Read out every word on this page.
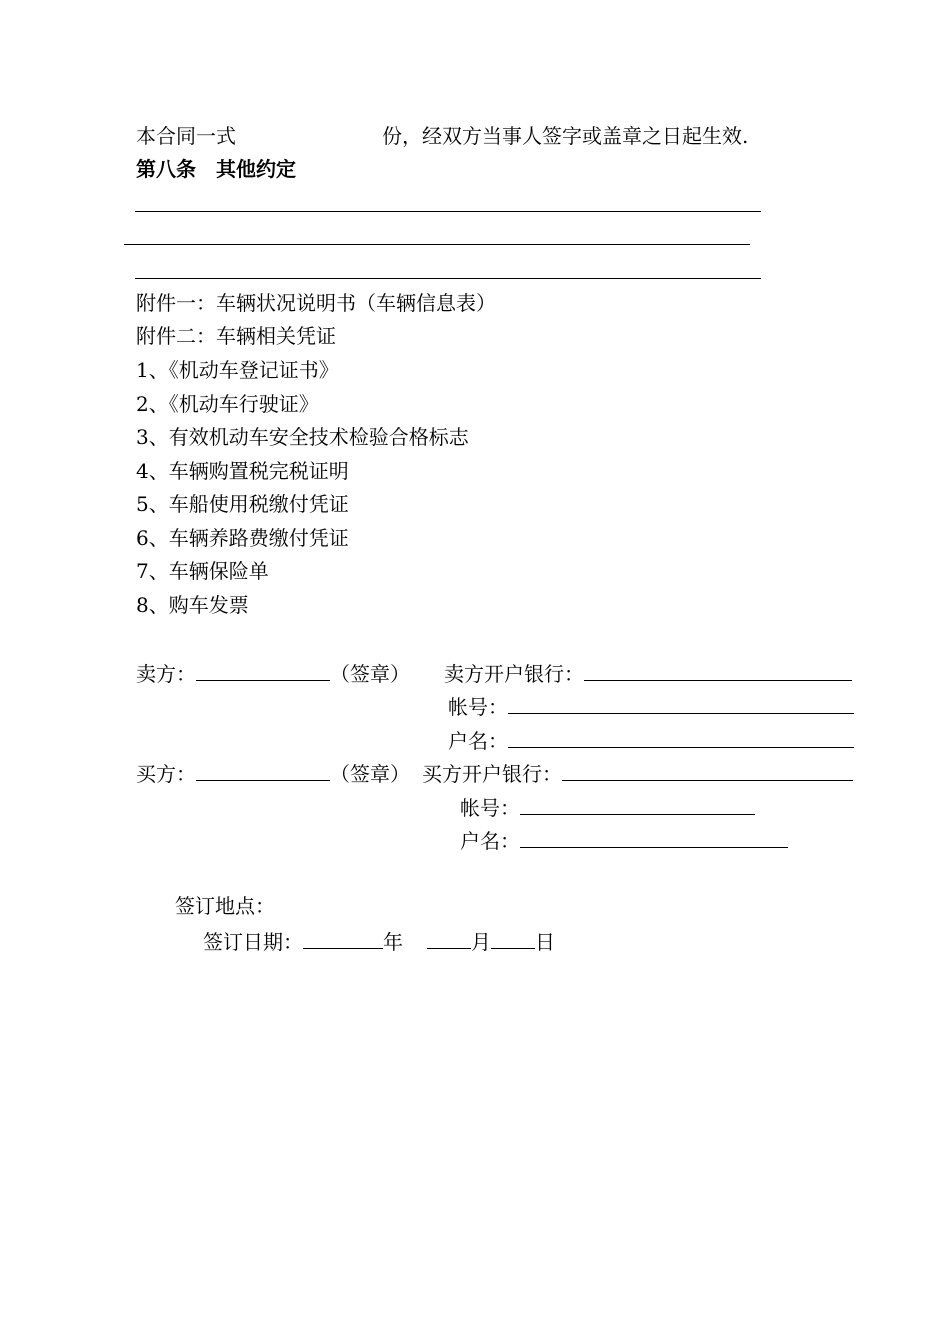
本合同一式	份，经双方当事人签字或盖章之日起生效.
第八条　其他约定
附件一：车辆状况说明书（车辆信息表）
附件二：车辆相关凭证
1、《机动车登记证书》
2、《机动车行驶证》
3、有效机动车安全技术检验合格标志
4、车辆购置税完税证明
5、车船使用税缴付凭证
6、车辆养路费缴付凭证
7、车辆保险单
8、购车发票
卖方：	（签章） 卖方开户银行：
帐号：
户名：
买方：	（签章） 买方开户银行：
帐号：
户名：
签订地点：
签订日期：	年	月 日
